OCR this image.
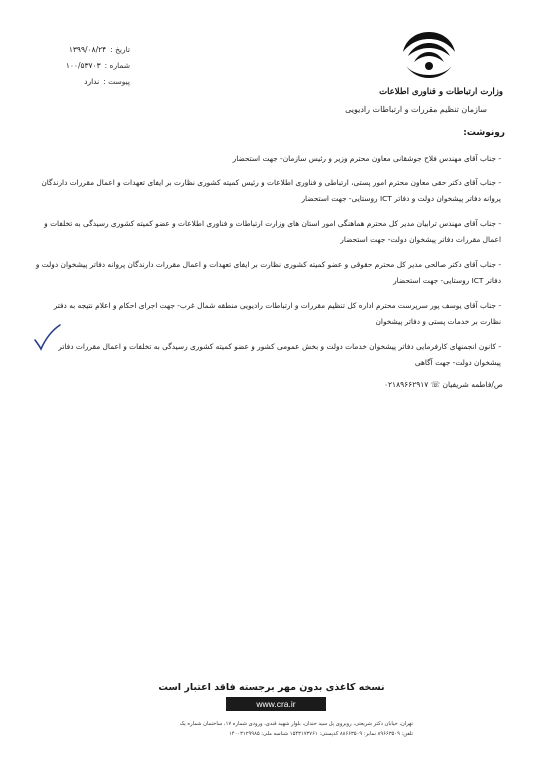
وزارت ارتباطات و فناوری اطلاعات
سازمان تنظیم مقررات و ارتباطات رادیویی
تاریخ :
۱۳۹۹/۰۸/۲۴
شماره :
۱۰۰/۵۳۷۰۳
پیوست :
ندارد
رونوشت:
- جناب آقای مهندس فلاح جوشقانی معاون محترم وزیر و رئیس سازمان- جهت استحضار
- جناب آقای دکتر حقی معاون محترم امور پستی، ارتباطی و فناوری اطلاعات و رئیس کمیته کشوری نظارت بر ایفای تعهدات و اعمال مقررات دارندگان پروانه دفاتر پیشخوان دولت و دفاتر ICT روستایی- جهت استحضار
- جناب آقای مهندس ترابیان مدیر کل محترم هماهنگی امور استان های وزارت ارتباطات و فناوری اطلاعات و عضو کمیته کشوری رسیدگی به تخلفات و اعمال مقررات دفاتر پیشخوان دولت- جهت استحضار
- جناب آقای دکتر صالحی مدیر کل محترم حقوقی و عضو کمیته کشوری نظارت بر ایفای تعهدات و اعمال مقررات دارندگان پروانه دفاتر پیشخوان دولت و دفاتر ICT روستایی- جهت استحضار
- جناب آقای یوسف پور سرپرست محترم اداره کل تنظیم مقررات و ارتباطات رادیویی منطقه شمال غرب- جهت اجرای احکام و اعلام نتیجه به دفتر نظارت بر خدمات پستی و دفاتر پیشخوان
- کانون انجمنهای کارفرمایی دفاتر پیشخوان خدمات دولت و بخش عمومی کشور و عضو کمیته کشوری رسیدگی به تخلفات و اعمال مقررات دفاتر پیشخوان دولت- جهت آگاهی
ص/فاطمه شریفیان ☏ ۰۲۱۸۹۶۶۲۹۱۷
نسخه کاغذی بدون مهر برجسته فاقد اعتبار است
www.cra.ir
تهران، خیابان دکتر شریعتی، روبروی پل سید خندان، بلوار شهید قندی، ورودی شماره ۱۷، ساختمان شماره یک
تلفن: ۸۹۶۶۳۵۰۹ نمابر: ۸۸۶۶۳۵۰۹ کدپستی: ۱۵۴۳۱۷۳۷۶۱ شناسه ملی: ۱۴۰۰۳۱۲۹۹۸۵
